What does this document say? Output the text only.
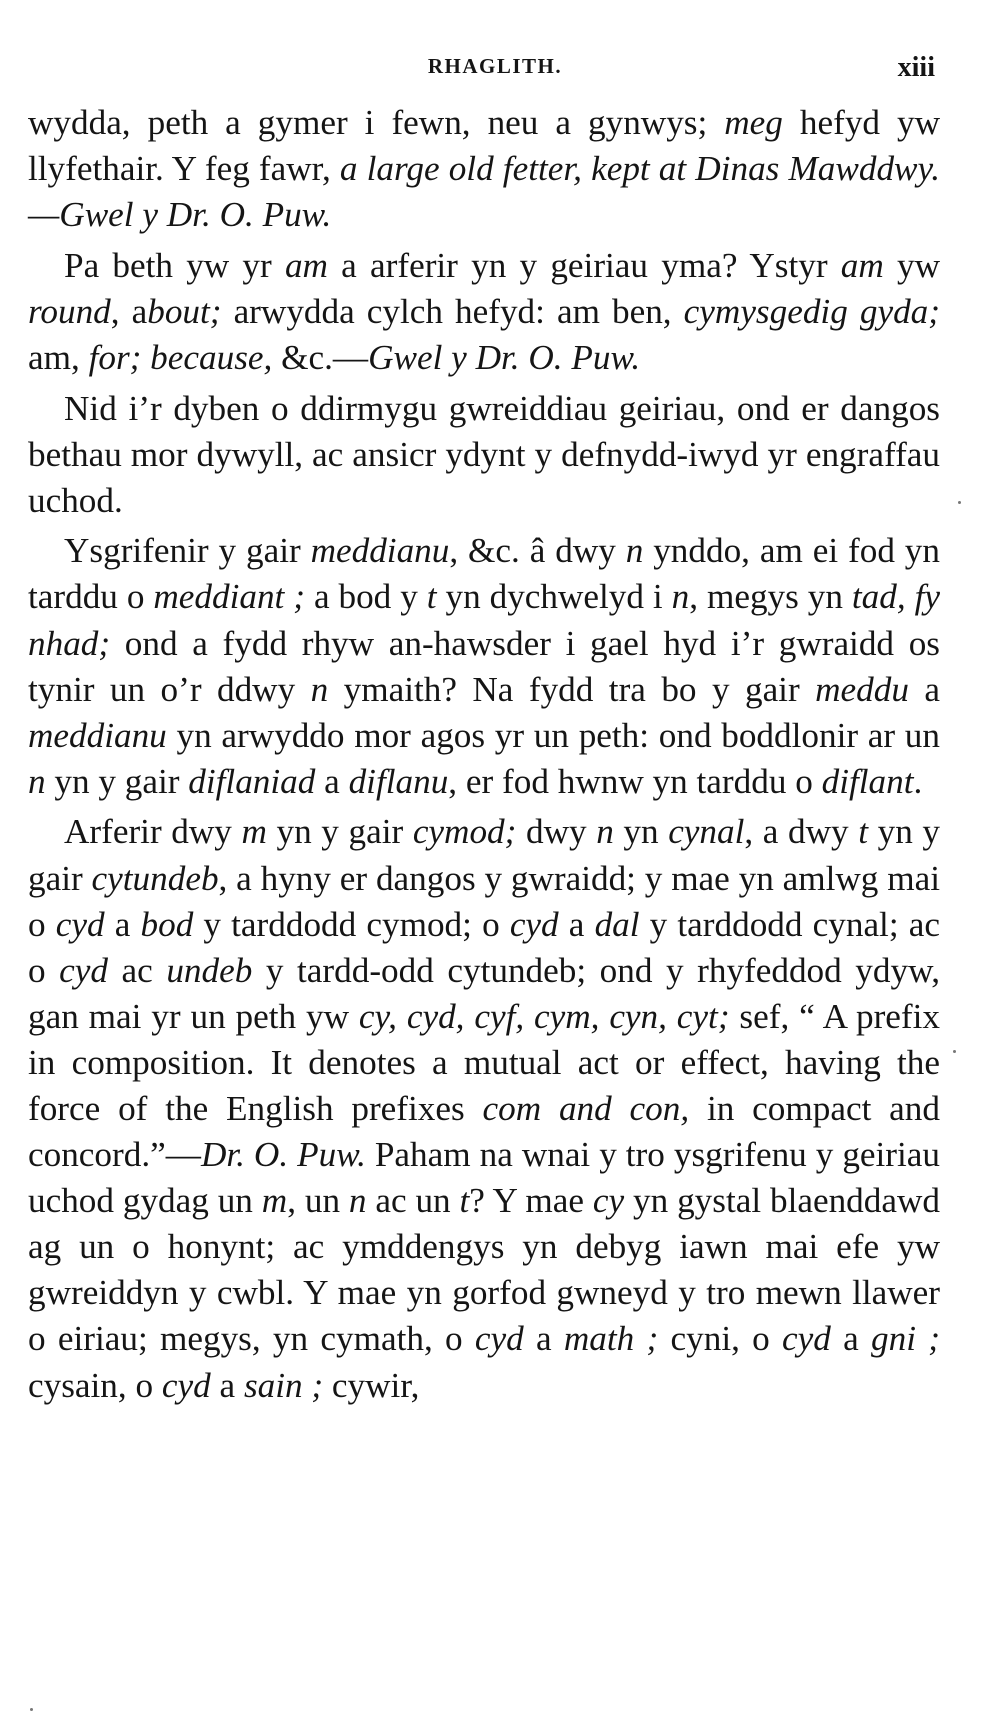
RHAGLITH.	xiii

wydda, peth a gymer i fewn, neu a gynwys; meg hefyd yw llyfethair. Y feg fawr, a large old fetter, kept at Dinas Mawddwy.—Gwel y Dr. O. Puw.

Pa beth yw yr am a arferir yn y geiriau yma? Ystyr am yw round, about; arwydda cylch hefyd: am ben, cymysgedig gyda; am, for; because, &c.—Gwel y Dr. O. Puw.

Nid i’r dyben o ddirmygu gwreiddiau geiriau, ond er dangos bethau mor dywyll, ac ansicr ydynt y defnydd-iwyd yr engraffau uchod.

Ysgrifenir y gair meddianu, &c. â dwy n ynddo, am ei fod yn tarddu o meddiant ; a bod y t yn dychwelyd i n, megys yn tad, fy nhad; ond a fydd rhyw an-hawsder i gael hyd i’r gwraidd os tynir un o’r ddwy n ymaith? Na fydd tra bo y gair meddu a meddianu yn arwyddo mor agos yr un peth: ond boddlonir ar un n yn y gair diflaniad a diflanu, er fod hwnw yn tarddu o diflant.

Arferir dwy m yn y gair cymod; dwy n yn cynal, a dwy t yn y gair cytundeb, a hyny er dangos y gwraidd; y mae yn amlwg mai o cyd a bod y tarddodd cymod; o cyd a dal y tarddodd cynal; ac o cyd ac undeb y tardd-odd cytundeb; ond y rhyfeddod ydyw, gan mai yr un peth yw cy, cyd, cyf, cym, cyn, cyt; sef, “ A prefix in composition. It denotes a mutual act or effect, having the force of the English prefixes com and con, in compact and concord.”—Dr. O. Puw. Paham na wnai y tro ysgrifenu y geiriau uchod gydag un m, un n ac un t? Y mae cy yn gystal blaenddawd ag un o honynt; ac ymddengys yn debyg iawn mai efe yw gwreiddyn y cwbl. Y mae yn gorfod gwneyd y tro mewn llawer o eiriau; megys, yn cymath, o cyd a math ; cyni, o cyd a gni ; cysain, o cyd a sain ; cywir,
